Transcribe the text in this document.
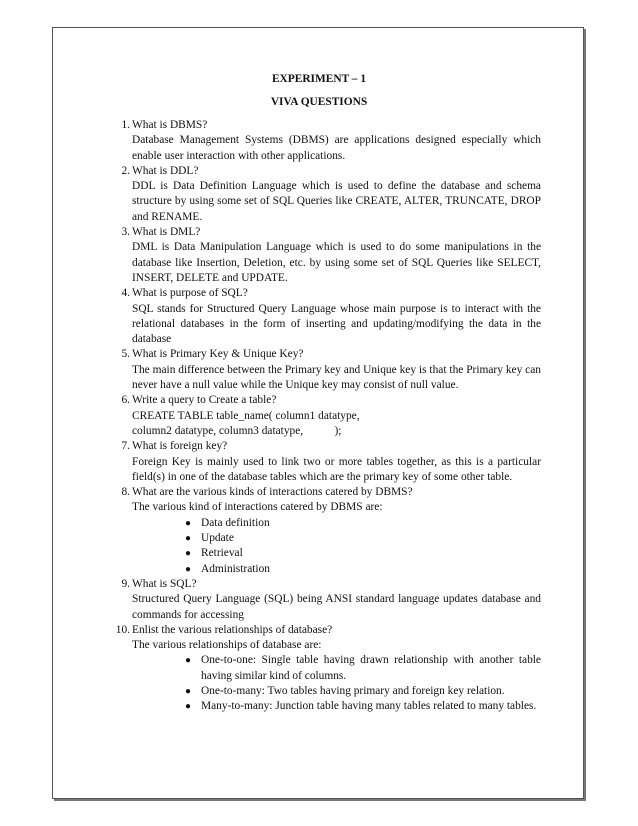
EXPERIMENT – 1
VIVA QUESTIONS
1. What is DBMS?
Database Management Systems (DBMS) are applications designed especially which enable user interaction with other applications.
2. What is DDL?
DDL is Data Definition Language which is used to define the database and schema structure by using some set of SQL Queries like CREATE, ALTER, TRUNCATE, DROP and RENAME.
3. What is DML?
DML is Data Manipulation Language which is used to do some manipulations in the database like Insertion, Deletion, etc. by using some set of SQL Queries like SELECT, INSERT, DELETE and UPDATE.
4. What is purpose of SQL?
SQL stands for Structured Query Language whose main purpose is to interact with the relational databases in the form of inserting and updating/modifying the data in the database
5. What is Primary Key & Unique Key?
The main difference between the Primary key and Unique key is that the Primary key can never have a null value while the Unique key may consist of null value.
6. Write a query to Create a table?
CREATE TABLE table_name( column1 datatype,
column2 datatype, column3 datatype,           );
7. What is foreign key?
Foreign Key is mainly used to link two or more tables together, as this is a particular field(s) in one of the database tables which are the primary key of some other table.
8. What are the various kinds of interactions catered by DBMS?
The various kind of interactions catered by DBMS are:
● Data definition
● Update
● Retrieval
● Administration
9. What is SQL?
Structured Query Language (SQL) being ANSI standard language updates database and commands for accessing
10. Enlist the various relationships of database?
The various relationships of database are:
● One-to-one: Single table having drawn relationship with another table having similar kind of columns.
● One-to-many: Two tables having primary and foreign key relation.
● Many-to-many: Junction table having many tables related to many tables.
